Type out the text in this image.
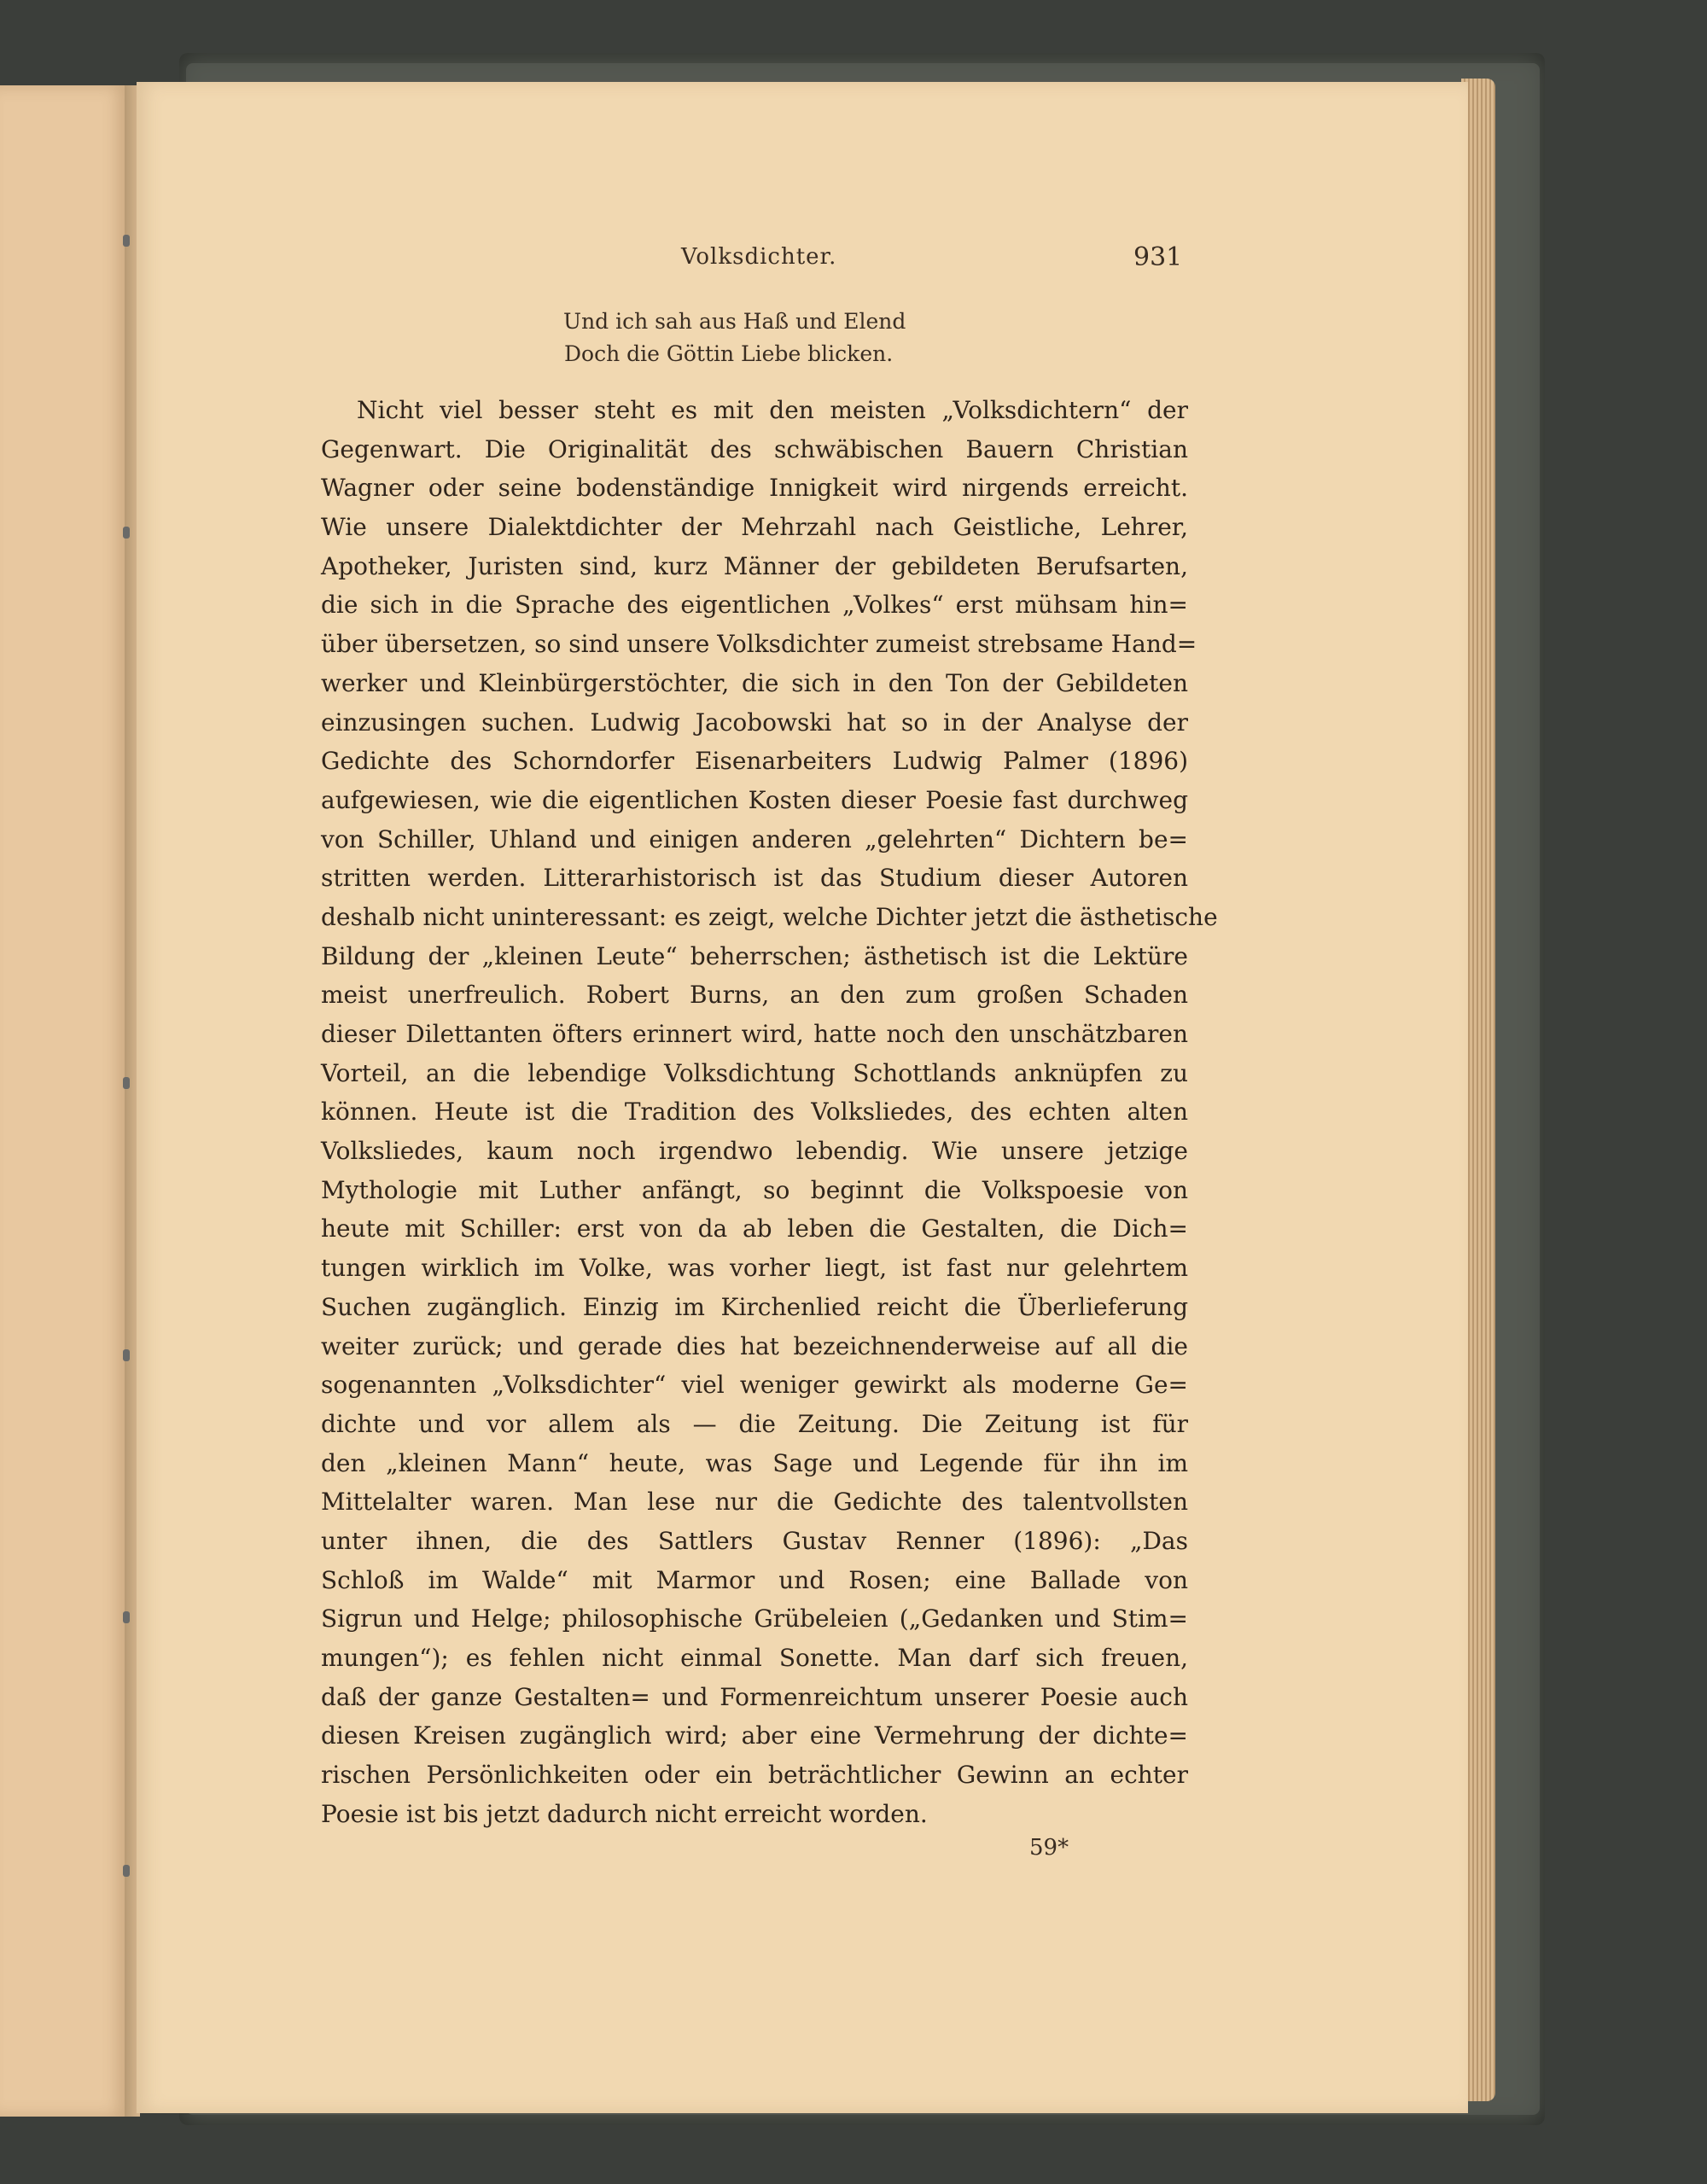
Volksdichter.	931
Und ich sah aus Haß und Elend
Doch die Göttin Liebe blicken.
Nicht viel besser steht es mit den meisten „Volksdichtern“ der
Gegenwart. Die Originalität des schwäbischen Bauern Christian
Wagner oder seine bodenständige Innigkeit wird nirgends erreicht.
Wie unsere Dialektdichter der Mehrzahl nach Geistliche, Lehrer,
Apotheker, Juristen sind, kurz Männer der gebildeten Berufsarten,
die sich in die Sprache des eigentlichen „Volkes“ erst mühsam hin=
über übersetzen, so sind unsere Volksdichter zumeist strebsame Hand=
werker und Kleinbürgerstöchter, die sich in den Ton der Gebildeten
einzusingen suchen. Ludwig Jacobowski hat so in der Analyse der
Gedichte des Schorndorfer Eisenarbeiters Ludwig Palmer (1896)
aufgewiesen, wie die eigentlichen Kosten dieser Poesie fast durchweg
von Schiller, Uhland und einigen anderen „gelehrten“ Dichtern be=
stritten werden. Litterarhistorisch ist das Studium dieser Autoren
deshalb nicht uninteressant: es zeigt, welche Dichter jetzt die ästhetische
Bildung der „kleinen Leute“ beherrschen; ästhetisch ist die Lektüre
meist unerfreulich. Robert Burns, an den zum großen Schaden
dieser Dilettanten öfters erinnert wird, hatte noch den unschätzbaren
Vorteil, an die lebendige Volksdichtung Schottlands anknüpfen zu
können. Heute ist die Tradition des Volksliedes, des echten alten
Volksliedes, kaum noch irgendwo lebendig. Wie unsere jetzige
Mythologie mit Luther anfängt, so beginnt die Volkspoesie von
heute mit Schiller: erst von da ab leben die Gestalten, die Dich=
tungen wirklich im Volke, was vorher liegt, ist fast nur gelehrtem
Suchen zugänglich. Einzig im Kirchenlied reicht die Überlieferung
weiter zurück; und gerade dies hat bezeichnenderweise auf all die
sogenannten „Volksdichter“ viel weniger gewirkt als moderne Ge=
dichte und vor allem als — die Zeitung. Die Zeitung ist für
den „kleinen Mann“ heute, was Sage und Legende für ihn im
Mittelalter waren. Man lese nur die Gedichte des talentvollsten
unter ihnen, die des Sattlers Gustav Renner (1896): „Das
Schloß im Walde“ mit Marmor und Rosen; eine Ballade von
Sigrun und Helge; philosophische Grübeleien („Gedanken und Stim=
mungen“); es fehlen nicht einmal Sonette. Man darf sich freuen,
daß der ganze Gestalten= und Formenreichtum unserer Poesie auch
diesen Kreisen zugänglich wird; aber eine Vermehrung der dichte=
rischen Persönlichkeiten oder ein beträchtlicher Gewinn an echter
Poesie ist bis jetzt dadurch nicht erreicht worden.
59*
